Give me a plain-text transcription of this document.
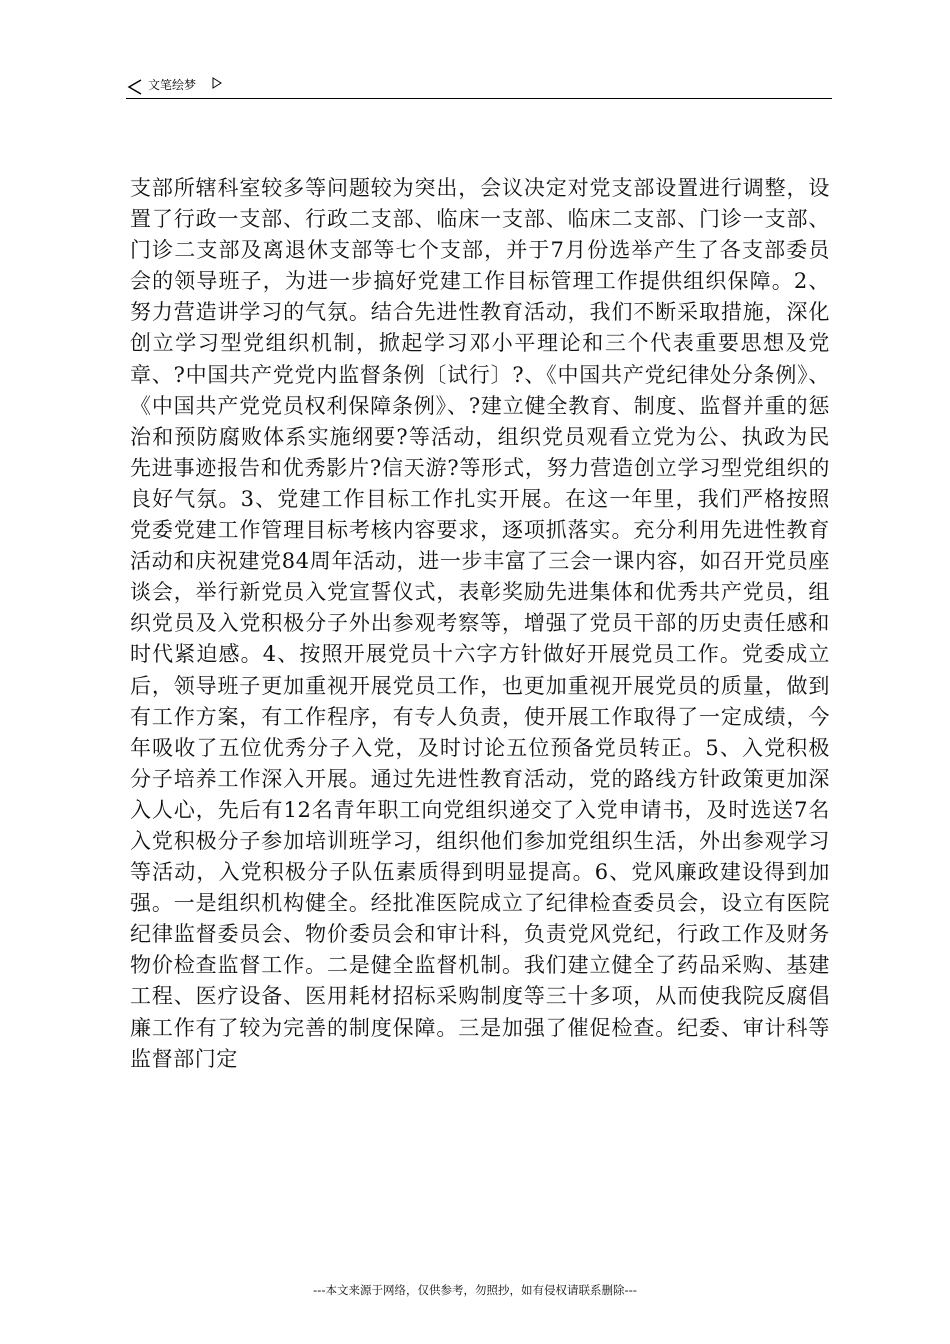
文笔绘梦

支部所辖科室较多等问题较为突出，会议决定对党支部设置进行调整，设置了行政一支部、行政二支部、临床一支部、临床二支部、门诊一支部、门诊二支部及离退休支部等七个支部，并于7月份选举产生了各支部委员会的领导班子，为进一步搞好党建工作目标管理工作提供组织保障。2、努力营造讲学习的气氛。结合先进性教育活动，我们不断采取措施，深化创立学习型党组织机制，掀起学习邓小平理论和三个代表重要思想及党章、?中国共产党党内监督条例〔试行〕?、《中国共产党纪律处分条例》、《中国共产党党员权利保障条例》、?建立健全教育、制度、监督并重的惩治和预防腐败体系实施纲要?等活动，组织党员观看立党为公、执政为民先进事迹报告和优秀影片?信天游?等形式，努力营造创立学习型党组织的良好气氛。3、党建工作目标工作扎实开展。在这一年里，我们严格按照党委党建工作管理目标考核内容要求，逐项抓落实。充分利用先进性教育活动和庆祝建党84周年活动，进一步丰富了三会一课内容，如召开党员座谈会，举行新党员入党宣誓仪式，表彰奖励先进集体和优秀共产党员，组织党员及入党积极分子外出参观考察等，增强了党员干部的历史责任感和时代紧迫感。4、按照开展党员十六字方针做好开展党员工作。党委成立后，领导班子更加重视开展党员工作，也更加重视开展党员的质量，做到有工作方案，有工作程序，有专人负责，使开展工作取得了一定成绩，今年吸收了五位优秀分子入党，及时讨论五位预备党员转正。5、入党积极分子培养工作深入开展。通过先进性教育活动，党的路线方针政策更加深入人心，先后有12名青年职工向党组织递交了入党申请书，及时选送7名入党积极分子参加培训班学习，组织他们参加党组织生活，外出参观学习等活动，入党积极分子队伍素质得到明显提高。6、党风廉政建设得到加强。一是组织机构健全。经批准医院成立了纪律检查委员会，设立有医院纪律监督委员会、物价委员会和审计科，负责党风党纪，行政工作及财务物价检查监督工作。二是健全监督机制。我们建立健全了药品采购、基建工程、医疗设备、医用耗材招标采购制度等三十多项，从而使我院反腐倡廉工作有了较为完善的制度保障。三是加强了催促检查。纪委、审计科等监督部门定

---本文来源于网络，仅供参考，勿照抄，如有侵权请联系删除---
